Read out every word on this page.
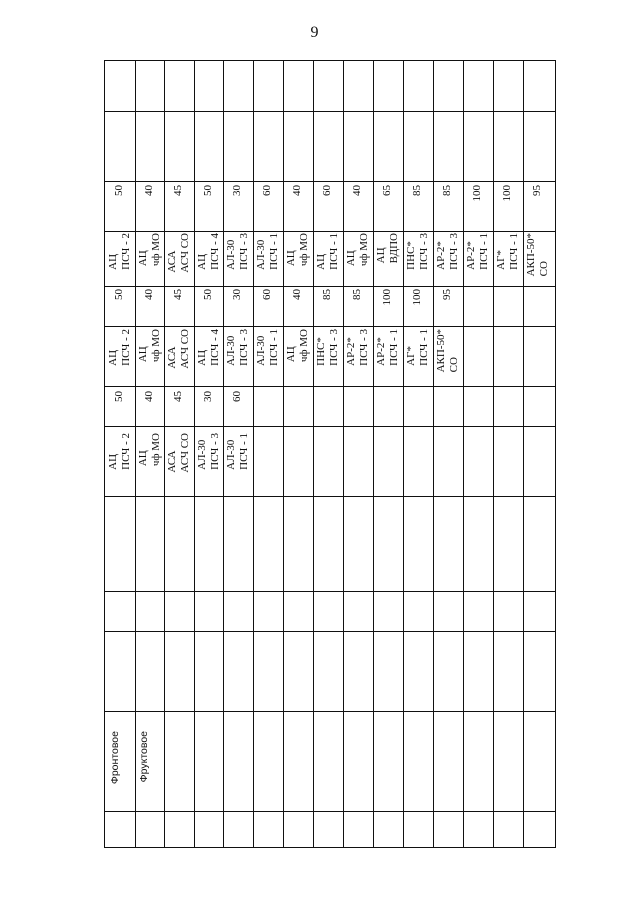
9
Фронтовое Фруктовое
АЦ ПСЧ - 2
50
АЦ чф МО
40
АСА АСЧ СО
45
АЛ-30 ПСЧ - 3
30
АЛ-30 ПСЧ - 1
60
АЦ ПСЧ - 2
50
АЦ чф МО
40
АСА АСЧ СО
45
АЦ ПСЧ - 4
50
АЛ-30 ПСЧ - 3
30
АЛ-30 ПСЧ - 1
60
АЦ чф МО
40
ПНС* ПСЧ - 3
85
АР-2* ПСЧ - 3
85
АР-2* ПСЧ - 1
100
АГ* ПСЧ - 1
100
АКП-50* СО
95
АЦ ПСЧ - 2
50
АЦ чф МО
40
АСА АСЧ СО
45
АЦ ПСЧ - 4
50
АЛ-30 ПСЧ - 3
30
АЛ-30 ПСЧ - 1
60
АЦ чф МО
40
АЦ ПСЧ - 1
60
АЦ чф МО
40
АЦ ВДПО
65
ПНС* ПСЧ - 3
85
АР-2* ПСЧ - 3
85
АР-2* ПСЧ - 1
100
АГ* ПСЧ - 1
100
АКП-50* СО
95
